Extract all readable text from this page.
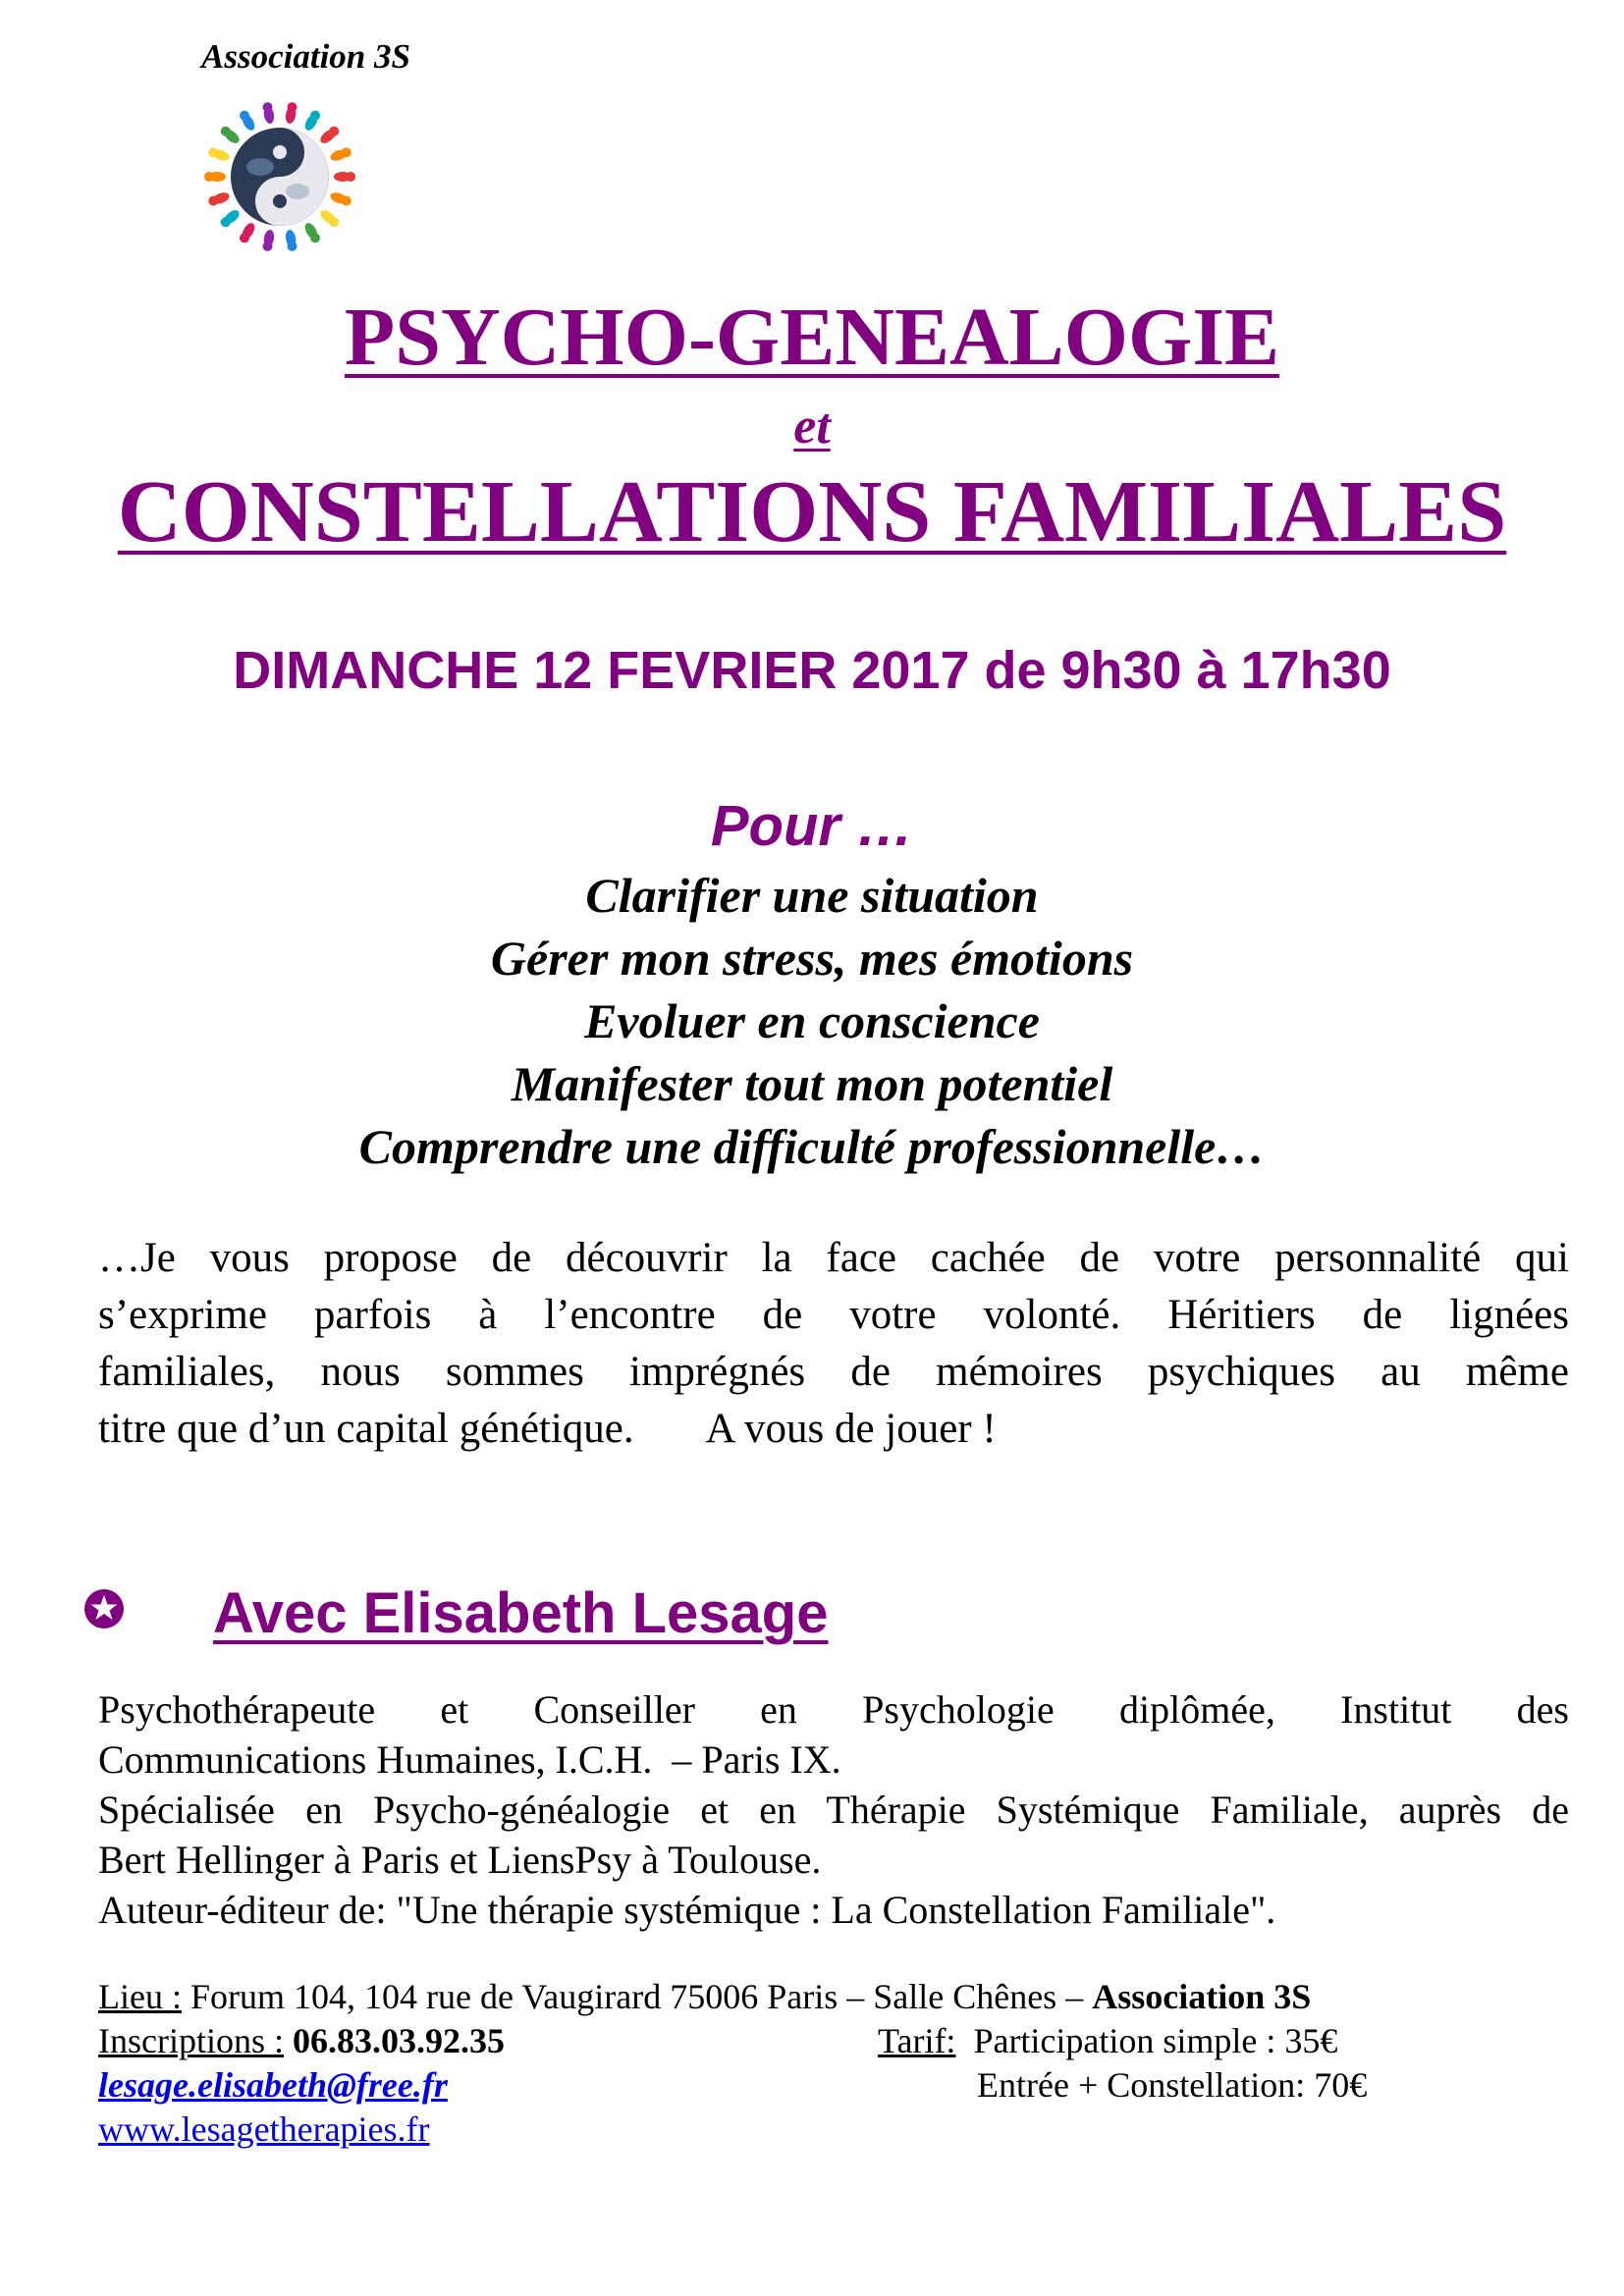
Association 3S
PSYCHO-GENEALOGIE
et
CONSTELLATIONS FAMILIALES
DIMANCHE 12 FEVRIER 2017 de 9h30 à 17h30
Pour …
Clarifier une situation
Gérer mon stress, mes émotions
Evoluer en conscience
Manifester tout mon potentiel
Comprendre une difficulté professionnelle…
…Je vous propose de découvrir la face cachée de votre personnalité qui
s’exprime parfois à l’encontre de votre volonté. Héritiers de lignées
familiales, nous sommes imprégnés de mémoires psychiques au même
titre que d’un capital génétique.       A vous de jouer !
Avec Elisabeth Lesage
Psychothérapeute et Conseiller en Psychologie diplômée, Institut des
Communications Humaines, I.C.H.  – Paris IX.
Spécialisée en Psycho-généalogie et en Thérapie Systémique Familiale, auprès de
Bert Hellinger à Paris et LiensPsy à Toulouse.
Auteur-éditeur de: "Une thérapie systémique : La Constellation Familiale".
Lieu : Forum 104, 104 rue de Vaugirard 75006 Paris – Salle Chênes – Association 3S
Inscriptions : 06.83.03.92.35
lesage.elisabeth@free.fr
www.lesagetherapies.fr
Tarif:  Participation simple : 35€
Entrée + Constellation: 70€
